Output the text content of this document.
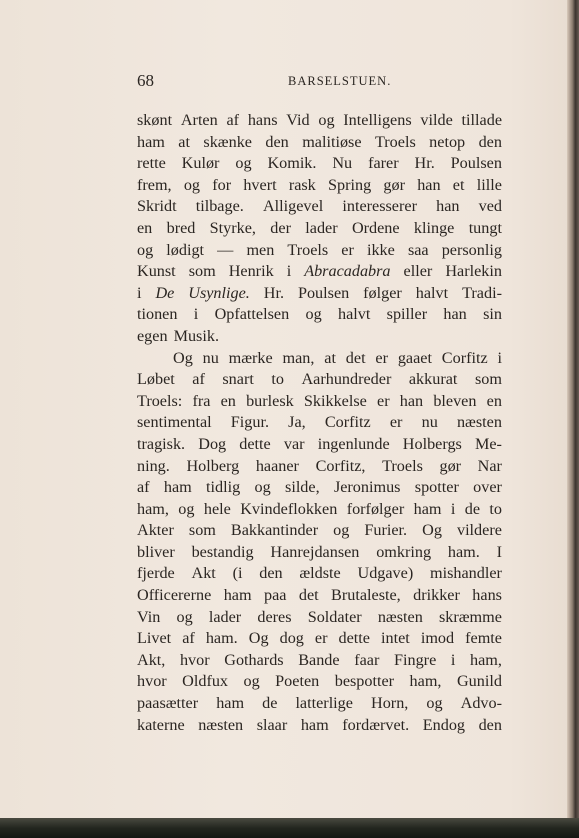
68	BARSELSTUEN.
skønt Arten af hans Vid og Intelligens vilde tillade
ham at skænke den malitiøse Troels netop den
rette Kulør og Komik. Nu farer Hr. Poulsen
frem, og for hvert rask Spring gør han et lille
Skridt tilbage. Alligevel interesserer han ved
en bred Styrke, der lader Ordene klinge tungt
og lødigt — men Troels er ikke saa personlig
Kunst som Henrik i Abracadabra eller Harlekin
i De Usynlige. Hr. Poulsen følger halvt Tradi-
tionen i Opfattelsen og halvt spiller han sin
egen Musik.
Og nu mærke man, at det er gaaet Corfitz i
Løbet af snart to Aarhundreder akkurat som
Troels: fra en burlesk Skikkelse er han bleven en
sentimental Figur. Ja, Corfitz er nu næsten
tragisk. Dog dette var ingenlunde Holbergs Me-
ning. Holberg haaner Corfitz, Troels gør Nar
af ham tidlig og silde, Jeronimus spotter over
ham, og hele Kvindeflokken forfølger ham i de to
Akter som Bakkantinder og Furier. Og vildere
bliver bestandig Hanrejdansen omkring ham. I
fjerde Akt (i den ældste Udgave) mishandler
Officererne ham paa det Brutaleste, drikker hans
Vin og lader deres Soldater næsten skræmme
Livet af ham. Og dog er dette intet imod femte
Akt, hvor Gothards Bande faar Fingre i ham,
hvor Oldfux og Poeten bespotter ham, Gunild
paasætter ham de latterlige Horn, og Advo-
katerne næsten slaar ham fordærvet. Endog den
